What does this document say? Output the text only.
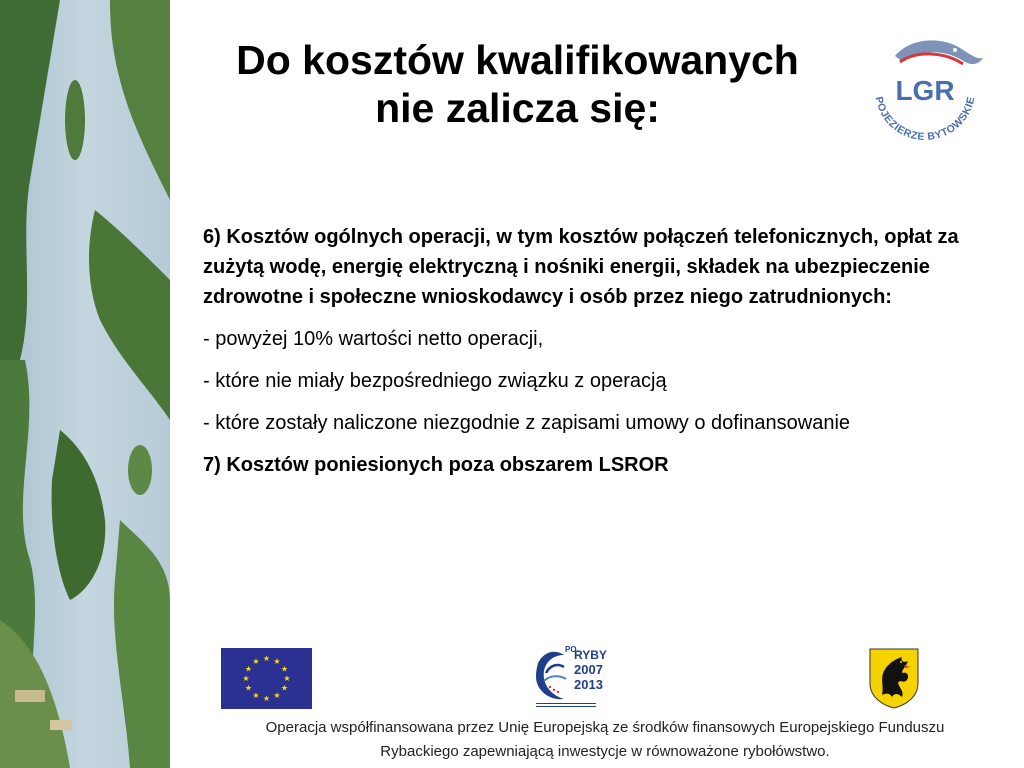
Do kosztów kwalifikowanych
nie zalicza się:	LGR
POJEZIERZE BYTOWSKIE

6) Kosztów ogólnych operacji, w tym kosztów połączeń telefonicznych, opłat za zużytą wodę, energię elektryczną i nośniki energii, składek na ubezpieczenie zdrowotne i społeczne wnioskodawcy i osób przez niego zatrudnionych:

- powyżej 10% wartości netto operacji,

- które nie miały bezpośredniego związku z operacją

- które zostały naliczone niezgodnie z zapisami umowy o dofinansowanie

7) Kosztów poniesionych poza obszarem LSROR

★ ★
★
★
★
★
★
★
★
★
★
★
PO
RYBY
2007
2013
Operacja współfinansowana przez Unię Europejską ze środków finansowych Europejskiego Funduszu
Rybackiego zapewniającą inwestycje w równoważone rybołówstwo.
